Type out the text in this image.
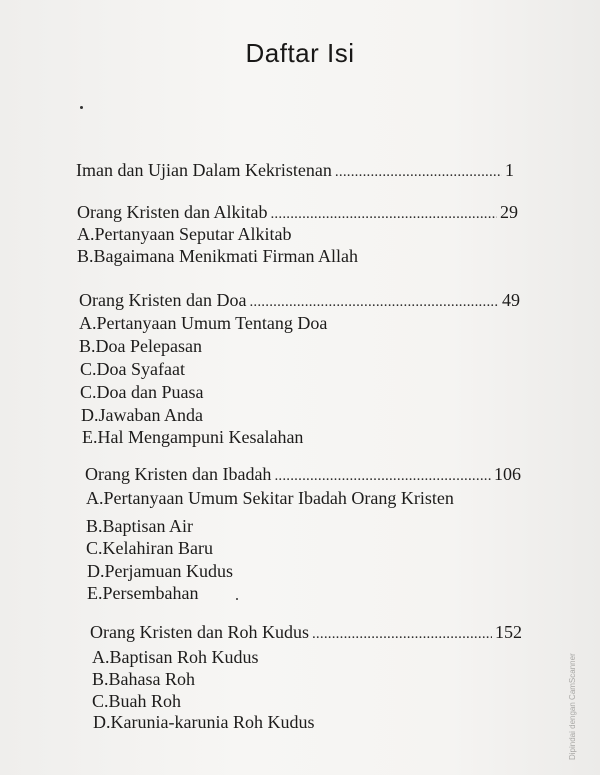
Daftar Isi
Iman dan Ujian Dalam Kekristenan .....	1
Orang Kristen dan Alkitab .....	29
A.Pertanyaan Seputar Alkitab
B.Bagaimana Menikmati Firman Allah
Orang Kristen dan Doa .....	49
A.Pertanyaan Umum Tentang Doa
B.Doa Pelepasan
C.Doa Syafaat
C.Doa dan Puasa
D.Jawaban Anda
E.Hal Mengampuni Kesalahan
Orang Kristen dan Ibadah .....	106
A.Pertanyaan Umum Sekitar Ibadah Orang Kristen
B.Baptisan Air
C.Kelahiran Baru
D.Perjamuan Kudus
E.Persembahan
Orang Kristen dan Roh Kudus .....	152
A.Baptisan Roh Kudus
B.Bahasa Roh
C.Buah Roh
D.Karunia-karunia Roh Kudus	Dipindai dengan CamScanner
